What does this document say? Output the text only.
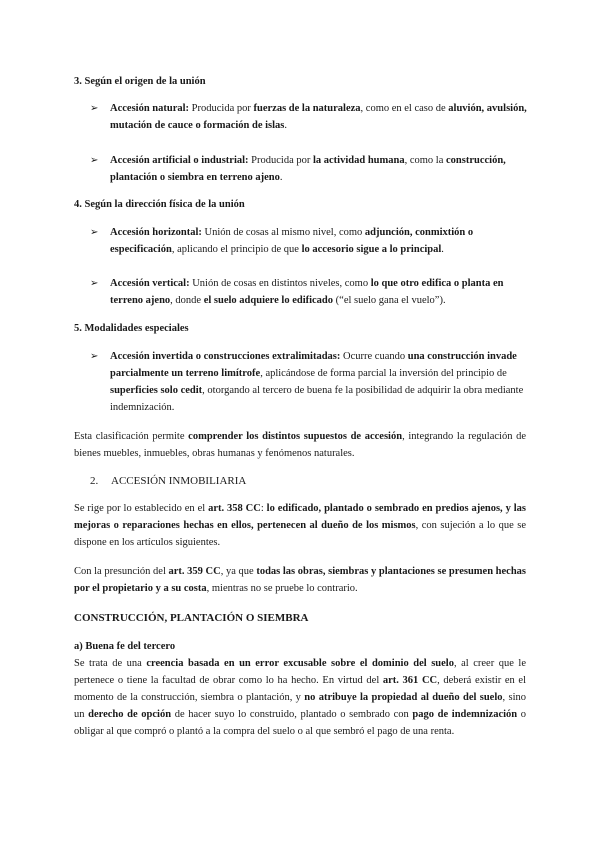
3. Según el origen de la unión
➢ Accesión natural: Producida por fuerzas de la naturaleza, como en el caso de aluvión, avulsión, mutación de cauce o formación de islas.
➢ Accesión artificial o industrial: Producida por la actividad humana, como la construcción, plantación o siembra en terreno ajeno.
4. Según la dirección física de la unión
➢ Accesión horizontal: Unión de cosas al mismo nivel, como adjunción, conmixtión o especificación, aplicando el principio de que lo accesorio sigue a lo principal.
➢ Accesión vertical: Unión de cosas en distintos niveles, como lo que otro edifica o planta en terreno ajeno, donde el suelo adquiere lo edificado (“el suelo gana el vuelo”).
5. Modalidades especiales
➢ Accesión invertida o construcciones extralimitadas: Ocurre cuando una construcción invade parcialmente un terreno limítrofe, aplicándose de forma parcial la inversión del principio de superficies solo cedit, otorgando al tercero de buena fe la posibilidad de adquirir la obra mediante indemnización.
Esta clasificación permite comprender los distintos supuestos de accesión, integrando la regulación de bienes muebles, inmuebles, obras humanas y fenómenos naturales.
2. ACCESIÓN INMOBILIARIA
Se rige por lo establecido en el art. 358 CC: lo edificado, plantado o sembrado en predios ajenos, y las mejoras o reparaciones hechas en ellos, pertenecen al dueño de los mismos, con sujeción a lo que se dispone en los artículos siguientes.
Con la presunción del art. 359 CC, ya que todas las obras, siembras y plantaciones se presumen hechas por el propietario y a su costa, mientras no se pruebe lo contrario.
CONSTRUCCIÓN, PLANTACIÓN O SIEMBRA
a) Buena fe del tercero
Se trata de una creencia basada en un error excusable sobre el dominio del suelo, al creer que le pertenece o tiene la facultad de obrar como lo ha hecho. En virtud del art. 361 CC, deberá existir en el momento de la construcción, siembra o plantación, y no atribuye la propiedad al dueño del suelo, sino un derecho de opción de hacer suyo lo construido, plantado o sembrado con pago de indemnización o obligar al que compró o plantó a la compra del suelo o al que sembró el pago de una renta.
